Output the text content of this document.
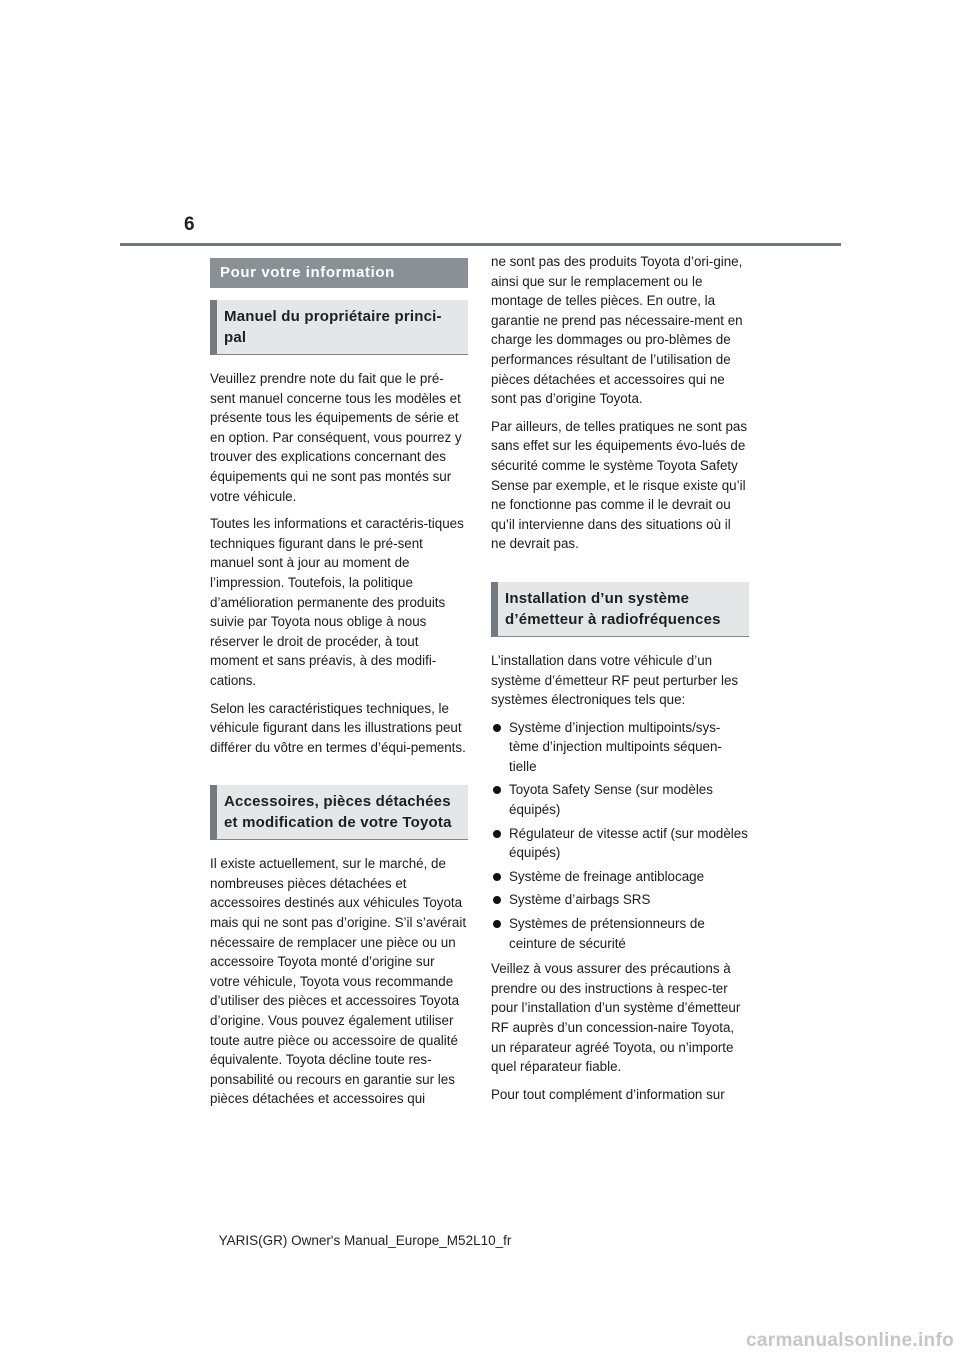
6
Pour votre information
Manuel du propriétaire princi-pal

Veuillez prendre note du fait que le pré-sent manuel concerne tous les modèles et présente tous les équipements de série et en option. Par conséquent, vous pourrez y trouver des explications concernant des équipements qui ne sont pas montés sur votre véhicule.

Toutes les informations et caractéris-tiques techniques figurant dans le pré-sent manuel sont à jour au moment de l’impression. Toutefois, la politique d’amélioration permanente des produits suivie par Toyota nous oblige à nous réserver le droit de procéder, à tout moment et sans préavis, à des modifi-cations.

Selon les caractéristiques techniques, le véhicule figurant dans les illustrations peut différer du vôtre en termes d’équi-pements.

Accessoires, pièces détachées et modification de votre Toyota

Il existe actuellement, sur le marché, de nombreuses pièces détachées et accessoires destinés aux véhicules Toyota mais qui ne sont pas d’origine. S’il s’avérait nécessaire de remplacer une pièce ou un accessoire Toyota monté d’origine sur votre véhicule, Toyota vous recommande d’utiliser des pièces et accessoires Toyota d’origine. Vous pouvez également utiliser toute autre pièce ou accessoire de qualité équivalente. Toyota décline toute res-ponsabilité ou recours en garantie sur les pièces détachées et accessoires qui

ne sont pas des produits Toyota d’ori-gine, ainsi que sur le remplacement ou le montage de telles pièces. En outre, la garantie ne prend pas nécessaire-ment en charge les dommages ou pro-blèmes de performances résultant de l’utilisation de pièces détachées et accessoires qui ne sont pas d’origine Toyota.

Par ailleurs, de telles pratiques ne sont pas sans effet sur les équipements évo-lués de sécurité comme le système Toyota Safety Sense par exemple, et le risque existe qu’il ne fonctionne pas comme il le devrait ou qu’il intervienne dans des situations où il ne devrait pas.

Installation d’un système d’émetteur à radiofréquences

L’installation dans votre véhicule d’un système d’émetteur RF peut perturber les systèmes électroniques tels que:

Système d’injection multipoints/sys-tème d’injection multipoints séquen-tielle
Toyota Safety Sense (sur modèles équipés)
Régulateur de vitesse actif (sur modèles équipés)
Système de freinage antiblocage
Système d’airbags SRS
Systèmes de prétensionneurs de ceinture de sécurité

Veillez à vous assurer des précautions à prendre ou des instructions à respec-ter pour l’installation d’un système d’émetteur RF auprès d’un concession-naire Toyota, un réparateur agréé Toyota, ou n’importe quel réparateur fiable.

Pour tout complément d’information sur

YARIS(GR) Owner's Manual_Europe_M52L10_fr
carmanualsonline.info
